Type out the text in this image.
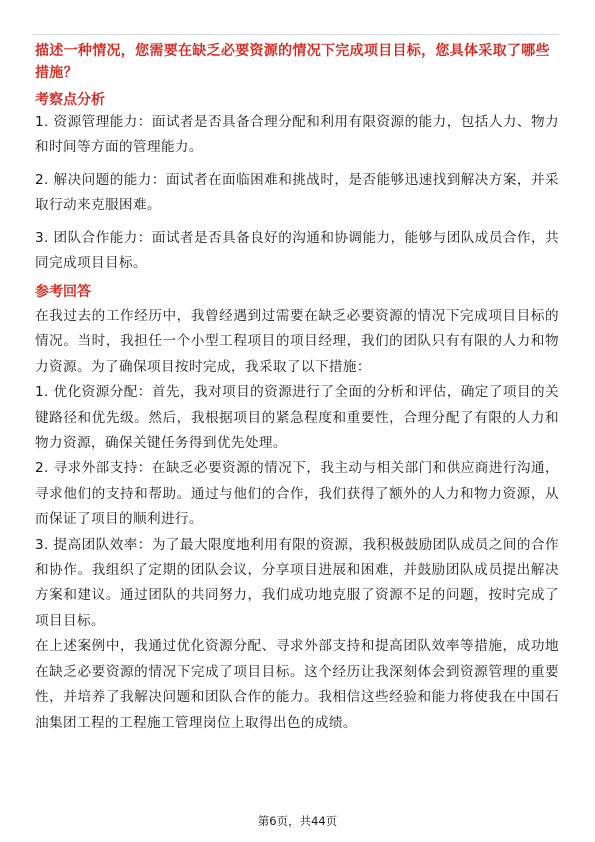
描述一种情况，您需要在缺乏必要资源的情况下完成项目目标，您具体采取了哪些措施？

考察点分析

1. 资源管理能力：面试者是否具备合理分配和利用有限资源的能力，包括人力、物力和时间等方面的管理能力。

2. 解决问题的能力：面试者在面临困难和挑战时，是否能够迅速找到解决方案，并采取行动来克服困难。

3. 团队合作能力：面试者是否具备良好的沟通和协调能力，能够与团队成员合作，共同完成项目目标。

参考回答

在我过去的工作经历中，我曾经遇到过需要在缺乏必要资源的情况下完成项目目标的情况。当时，我担任一个小型工程项目的项目经理，我们的团队只有有限的人力和物力资源。为了确保项目按时完成，我采取了以下措施：

1. 优化资源分配：首先，我对项目的资源进行了全面的分析和评估，确定了项目的关键路径和优先级。然后，我根据项目的紧急程度和重要性，合理分配了有限的人力和物力资源，确保关键任务得到优先处理。

2. 寻求外部支持：在缺乏必要资源的情况下，我主动与相关部门和供应商进行沟通，寻求他们的支持和帮助。通过与他们的合作，我们获得了额外的人力和物力资源，从而保证了项目的顺利进行。

3. 提高团队效率：为了最大限度地利用有限的资源，我积极鼓励团队成员之间的合作和协作。我组织了定期的团队会议，分享项目进展和困难，并鼓励团队成员提出解决方案和建议。通过团队的共同努力，我们成功地克服了资源不足的问题，按时完成了项目目标。

在上述案例中，我通过优化资源分配、寻求外部支持和提高团队效率等措施，成功地在缺乏必要资源的情况下完成了项目目标。这个经历让我深刻体会到资源管理的重要性，并培养了我解决问题和团队合作的能力。我相信这些经验和能力将使我在中国石油集团工程的工程施工管理岗位上取得出色的成绩。

第6页，共44页
